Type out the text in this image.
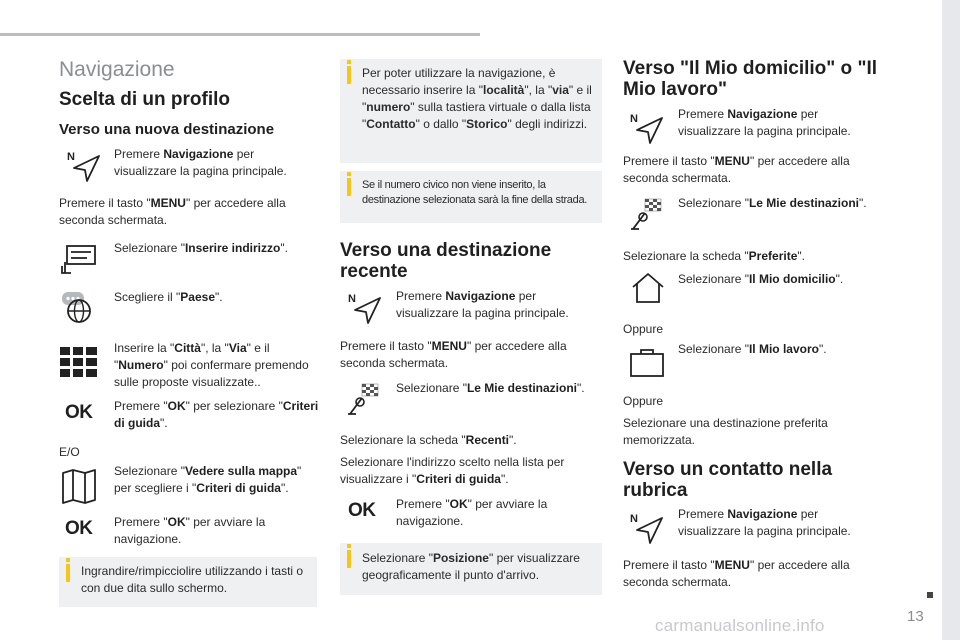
13
carmanualsonline.info
Navigazione
Scelta di un profilo
Verso una nuova destinazione
N	Premere Navigazione per visualizzare la pagina principale.
Premere il tasto "MENU" per accedere alla seconda schermata.
Selezionare "Inserire indirizzo".
Scegliere il "Paese".
Inserire la "Città", la "Via" e il "Numero" poi confermare premendo sulle proposte visualizzate..
OK Premere "OK" per selezionare "Criteri di guida".
E/O
Selezionare "Vedere sulla mappa" per scegliere i "Criteri di guida".
OK Premere "OK" per avviare la navigazione.
Ingrandire/rimpicciolire utilizzando i tasti o con due dita sullo schermo.
Per poter utilizzare la navigazione, è necessario inserire la "località", la "via" e il "numero" sulla tastiera virtuale o dalla lista "Contatto" o dallo "Storico" degli indirizzi.
Se il numero civico non viene inserito, la destinazione selezionata sarà la fine della strada.
Verso una destinazione recente
N	Premere Navigazione per visualizzare la pagina principale.
Premere il tasto "MENU" per accedere alla seconda schermata.
Selezionare "Le Mie destinazioni".
Selezionare la scheda "Recenti".
Selezionare l'indirizzo scelto nella lista per visualizzare i "Criteri di guida".
OK Premere "OK" per avviare la navigazione.
Selezionare "Posizione" per visualizzare geograficamente il punto d'arrivo.
Verso "Il Mio domicilio" o "Il Mio lavoro"
N	Premere Navigazione per visualizzare la pagina principale.
Premere il tasto "MENU" per accedere alla seconda schermata.
Selezionare "Le Mie destinazioni".
Selezionare la scheda "Preferite".
Selezionare "Il Mio domicilio".
Oppure
Selezionare "Il Mio lavoro".
Oppure
Selezionare una destinazione preferita memorizzata.
Verso un contatto nella rubrica
N	Premere Navigazione per visualizzare la pagina principale.
Premere il tasto "MENU" per accedere alla seconda schermata.
